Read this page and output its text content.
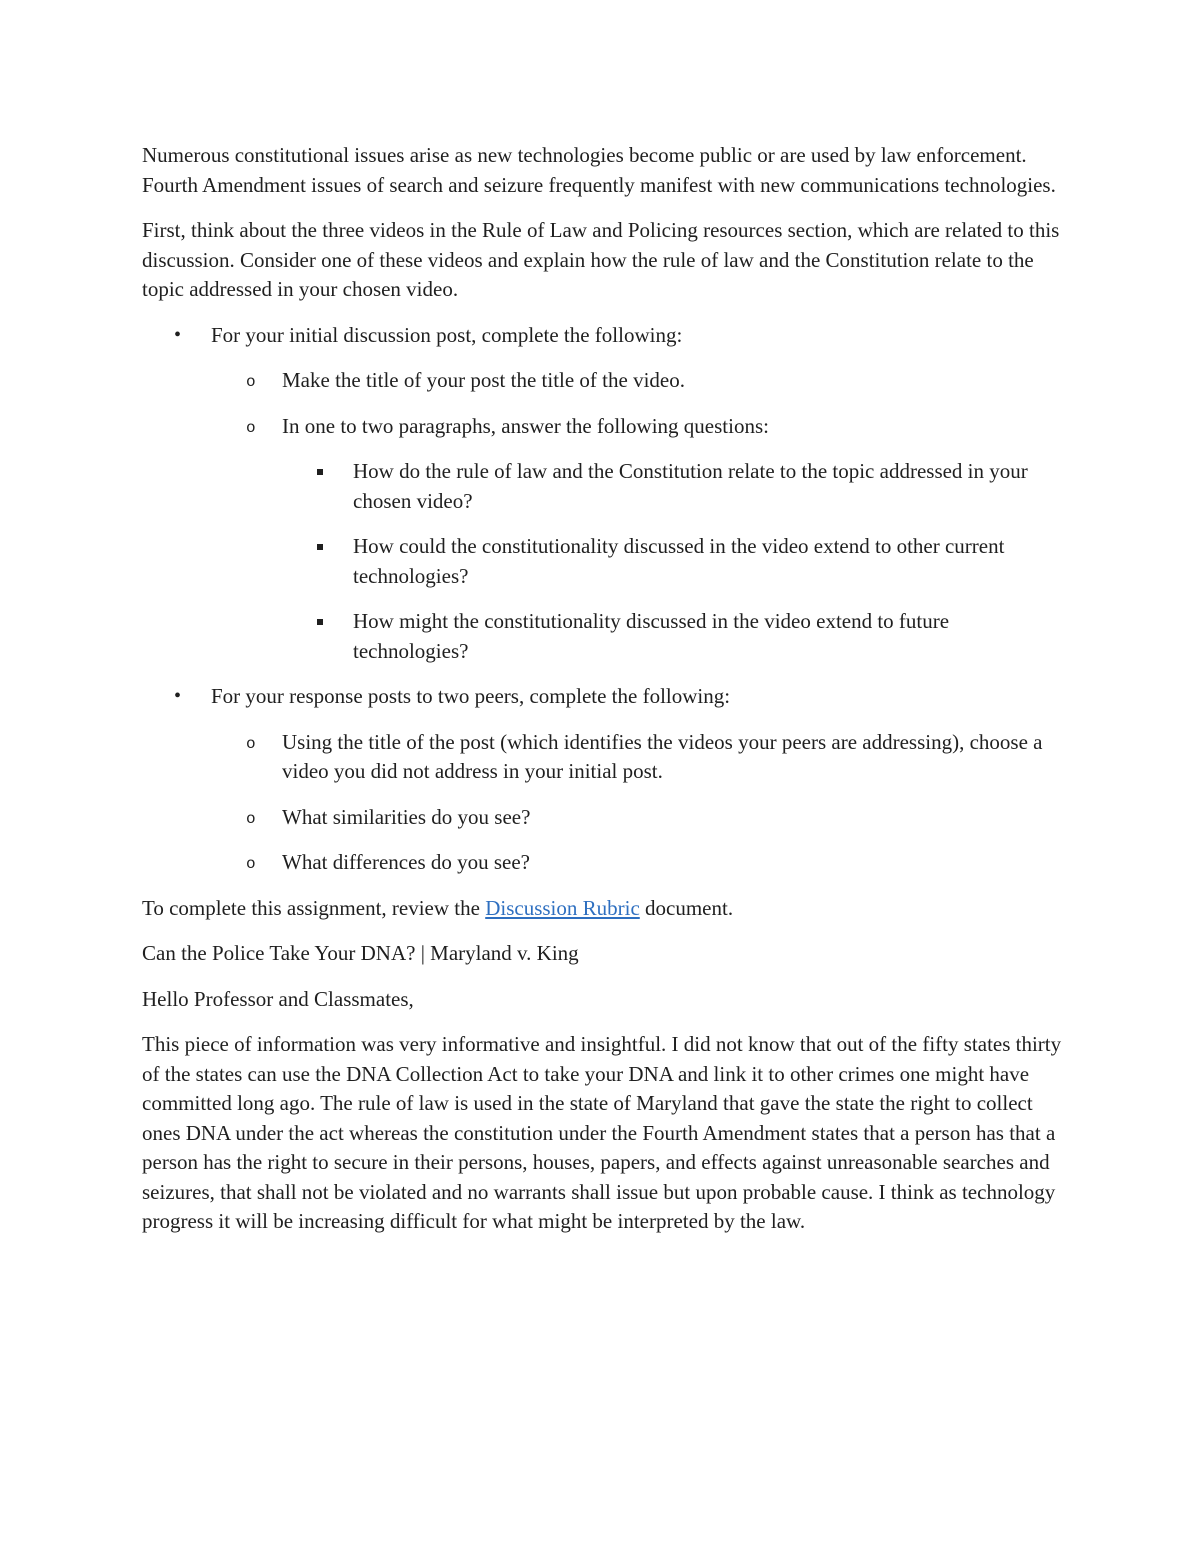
Numerous constitutional issues arise as new technologies become public or are used by law enforcement. Fourth Amendment issues of search and seizure frequently manifest with new communications technologies.

First, think about the three videos in the Rule of Law and Policing resources section, which are related to this discussion. Consider one of these videos and explain how the rule of law and the Constitution relate to the topic addressed in your chosen video.

• For your initial discussion post, complete the following:
o Make the title of your post the title of the video.
o In one to two paragraphs, answer the following questions:
How do the rule of law and the Constitution relate to the topic addressed in your chosen video?
How could the constitutionality discussed in the video extend to other current technologies?
How might the constitutionality discussed in the video extend to future technologies?
• For your response posts to two peers, complete the following:
o Using the title of the post (which identifies the videos your peers are addressing), choose a video you did not address in your initial post.
o What similarities do you see?
o What differences do you see?

To complete this assignment, review the Discussion Rubric document.

Can the Police Take Your DNA? | Maryland v. King

Hello Professor and Classmates,

This piece of information was very informative and insightful. I did not know that out of the fifty states thirty of the states can use the DNA Collection Act to take your DNA and link it to other crimes one might have committed long ago. The rule of law is used in the state of Maryland that gave the state the right to collect ones DNA under the act whereas the constitution under the Fourth Amendment states that a person has that a person has the right to secure in their persons, houses, papers, and effects against unreasonable searches and seizures, that shall not be violated and no warrants shall issue but upon probable cause. I think as technology progress it will be increasing difficult for what might be interpreted by the law.
